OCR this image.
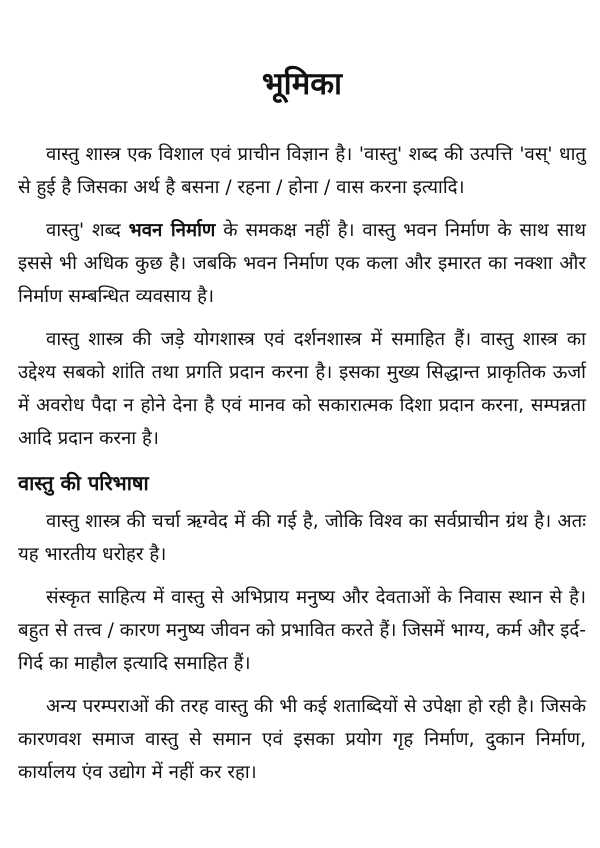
भूमिका

वास्तु शास्त्र एक विशाल एवं प्राचीन विज्ञान है। 'वास्तु' शब्द की उत्पत्ति 'वस्' धातु से हुई है जिसका अर्थ है बसना / रहना / होना / वास करना इत्यादि।

वास्तु' शब्द भवन निर्माण के समकक्ष नहीं है। वास्तु भवन निर्माण के साथ साथ इससे भी अधिक कुछ है। जबकि भवन निर्माण एक कला और इमारत का नक्शा और निर्माण सम्बन्धित व्यवसाय है।

वास्तु शास्त्र की जड़े योगशास्त्र एवं दर्शनशास्त्र में समाहित हैं। वास्तु शास्त्र का उद्देश्य सबको शांति तथा प्रगति प्रदान करना है। इसका मुख्य सिद्धान्त प्राकृतिक ऊर्जा में अवरोध पैदा न होने देना है एवं मानव को सकारात्मक दिशा प्रदान करना, सम्पन्नता आदि प्रदान करना है।

वास्तु की परिभाषा

वास्तु शास्त्र की चर्चा ऋग्वेद में की गई है, जोकि विश्व का सर्वप्राचीन ग्रंथ है। अतः यह भारतीय धरोहर है।

संस्कृत साहित्य में वास्तु से अभिप्राय मनुष्य और देवताओं के निवास स्थान से है। बहुत से तत्त्व / कारण मनुष्य जीवन को प्रभावित करते हैं। जिसमें भाग्य, कर्म और इर्द-गिर्द का माहौल इत्यादि समाहित हैं।

अन्य परम्पराओं की तरह वास्तु की भी कई शताब्दियों से उपेक्षा हो रही है। जिसके कारणवश समाज वास्तु से समान एवं इसका प्रयोग गृह निर्माण, दुकान निर्माण, कार्यालय एंव उद्योग में नहीं कर रहा।
